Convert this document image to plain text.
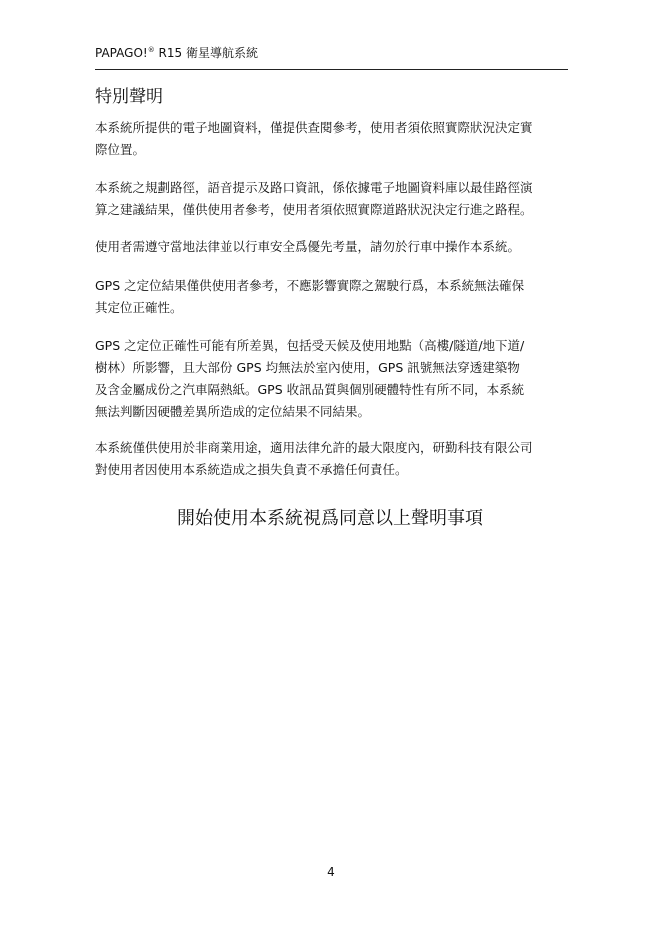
PAPAGO!® R15 衛星導航系統
特別聲明

本系統所提供的電子地圖資料，僅提供查閱參考，使用者須依照實際狀況決定實
際位置。

本系統之規劃路徑，語音提示及路口資訊，係依據電子地圖資料庫以最佳路徑演
算之建議結果，僅供使用者參考，使用者須依照實際道路狀況決定行進之路程。

使用者需遵守當地法律並以行車安全爲優先考量，請勿於行車中操作本系統。

GPS 之定位結果僅供使用者參考，不應影響實際之駕駛行爲，本系統無法確保
其定位正確性。

GPS 之定位正確性可能有所差異，包括受天候及使用地點（高樓/隧道/地下道/
樹林）所影響，且大部份 GPS 均無法於室內使用，GPS 訊號無法穿透建築物
及含金屬成份之汽車隔熱紙。GPS 收訊品質與個別硬體特性有所不同，本系統
無法判斷因硬體差異所造成的定位結果不同結果。

本系統僅供使用於非商業用途，適用法律允許的最大限度內，研勤科技有限公司
對使用者因使用本系統造成之損失負責不承擔任何責任。

開始使用本系統視爲同意以上聲明事項

4
